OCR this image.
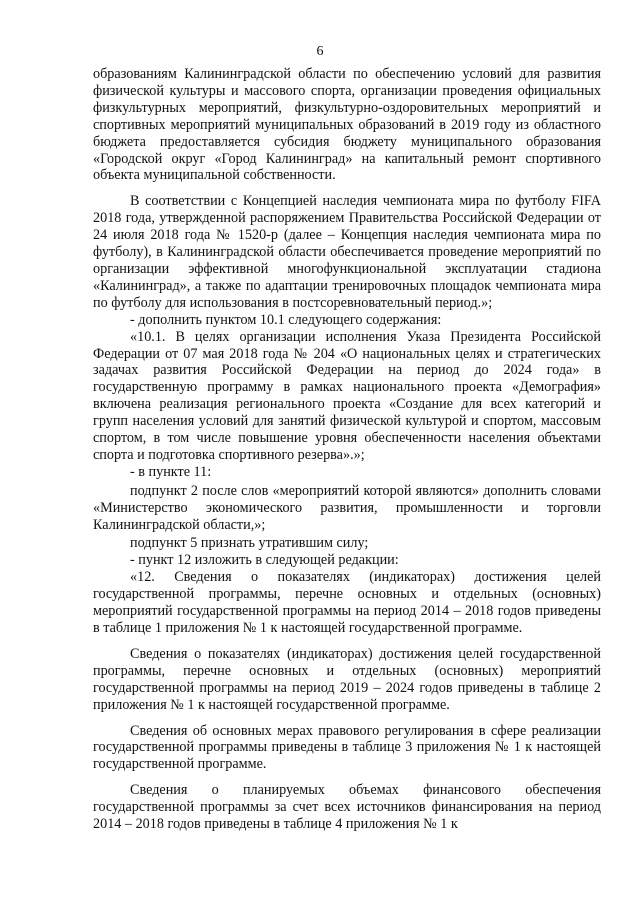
6

образованиям Калининградской области по обеспечению условий для развития физической культуры и массового спорта, организации проведения официальных физкультурных мероприятий, физкультурно-оздоровительных мероприятий и спортивных мероприятий муниципальных образований в 2019 году из областного бюджета предоставляется субсидия бюджету муниципального образования «Городской округ «Город Калининград» на капитальный ремонт спортивного объекта муниципальной собственности.

В соответствии с Концепцией наследия чемпионата мира по футболу FIFA 2018 года, утвержденной распоряжением Правительства Российской Федерации от 24 июля 2018 года № 1520-р (далее – Концепция наследия чемпионата мира по футболу), в Калининградской области обеспечивается проведение мероприятий по организации эффективной многофункциональной эксплуатации стадиона «Калининград», а также по адаптации тренировочных площадок чемпионата мира по футболу для использования в постсоревновательный период.»;

- дополнить пунктом 10.1 следующего содержания:

«10.1. В целях организации исполнения Указа Президента Российской Федерации от 07 мая 2018 года № 204 «О национальных целях и стратегических задачах развития Российской Федерации на период до 2024 года» в государственную программу в рамках национального проекта «Демография» включена реализация регионального проекта «Создание для всех категорий и групп населения условий для занятий физической культурой и спортом, массовым спортом, в том числе повышение уровня обеспеченности населения объектами спорта и подготовка спортивного резерва».»;

- в пункте 11:

подпункт 2 после слов «мероприятий которой являются» дополнить словами «Министерство экономического развития, промышленности и торговли Калининградской области,»;

подпункт 5 признать утратившим силу;

- пункт 12 изложить в следующей редакции:

«12. Сведения о показателях (индикаторах) достижения целей государственной программы, перечне основных и отдельных (основных) мероприятий государственной программы на период 2014 – 2018 годов приведены в таблице 1 приложения № 1 к настоящей государственной программе.

Сведения о показателях (индикаторах) достижения целей государственной программы, перечне основных и отдельных (основных) мероприятий государственной программы на период 2019 – 2024 годов приведены в таблице 2 приложения № 1 к настоящей государственной программе.

Сведения об основных мерах правового регулирования в сфере реализации государственной программы приведены в таблице 3 приложения № 1 к настоящей государственной программе.

Сведения о планируемых объемах финансового обеспечения государственной программы за счет всех источников финансирования на период 2014 – 2018 годов приведены в таблице 4 приложения № 1 к
